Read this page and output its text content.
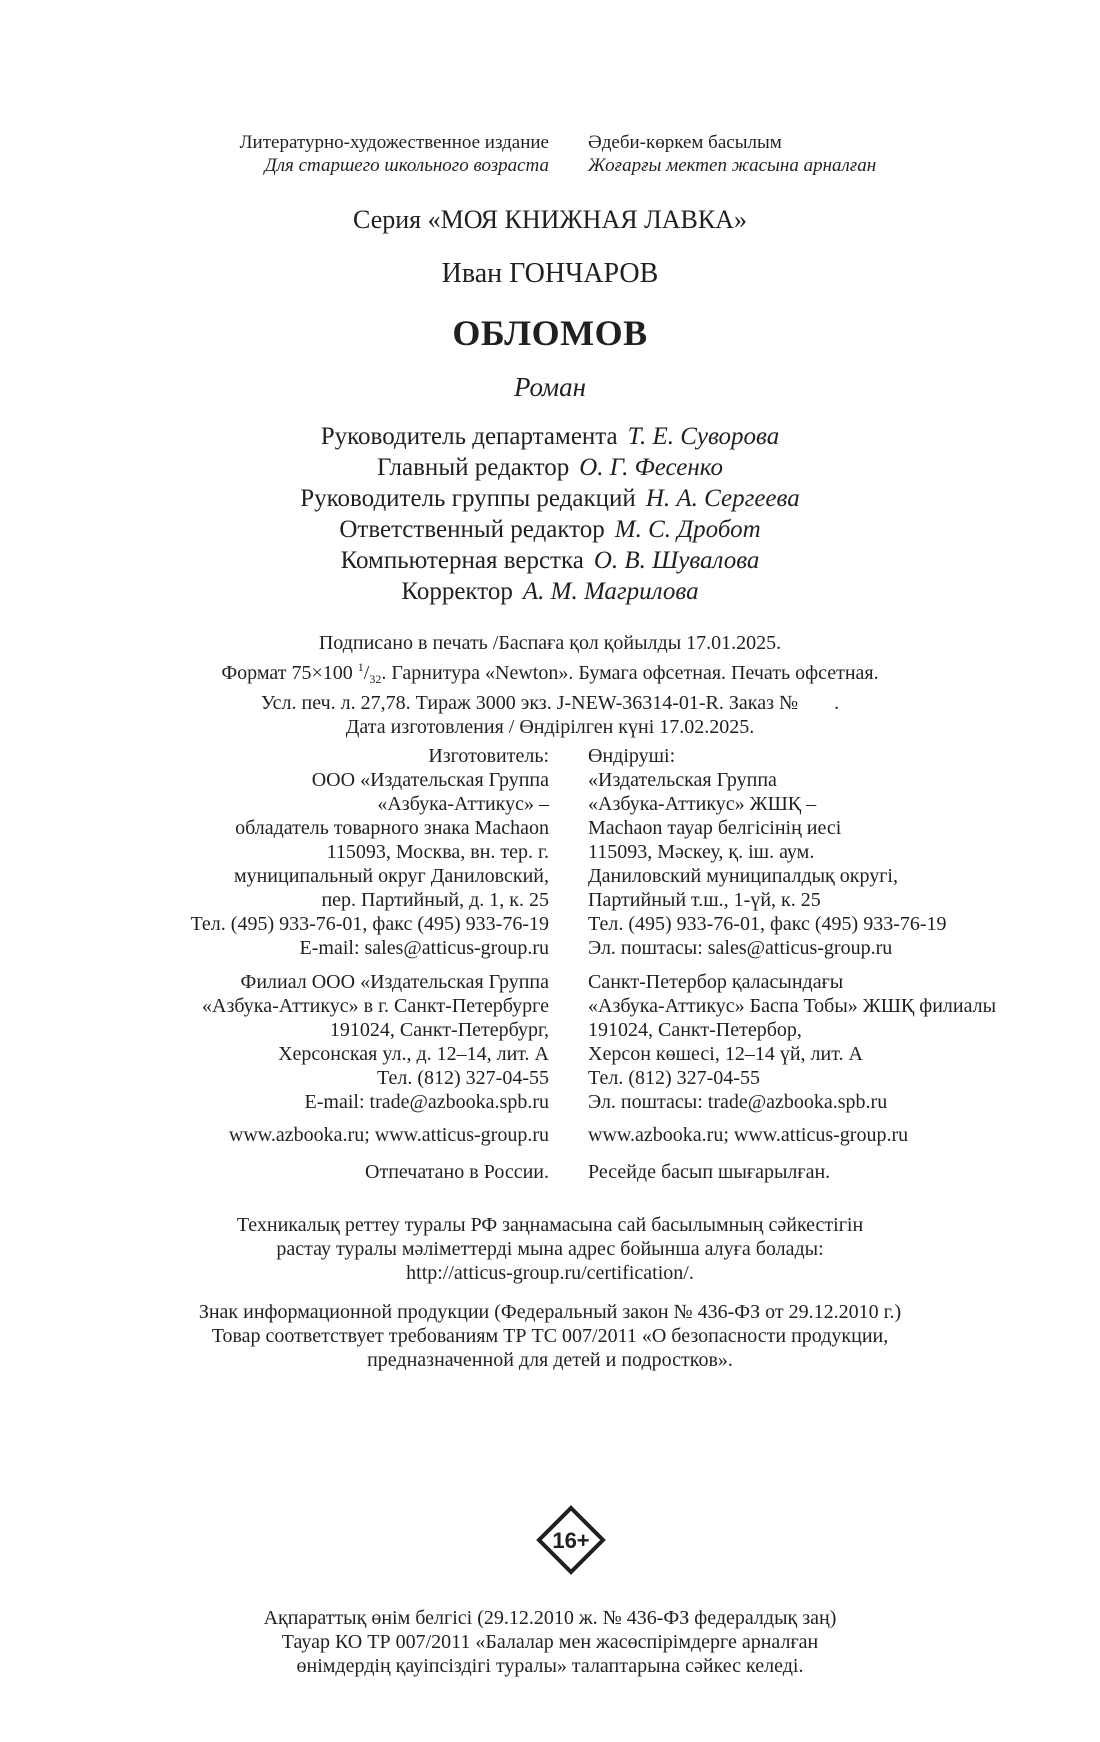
Литературно-художественное издание
Для старшего школьного возраста
Әдеби-көркем басылым
Жоғарғы мектеп жасына арналған
Серия «МОЯ КНИЖНАЯ ЛАВКА»
Иван ГОНЧАРОВ
ОБЛОМОВ
Роман
Руководитель департамента Т. Е. Суворова
Главный редактор О. Г. Фесенко
Руководитель группы редакций Н. А. Сергеева
Ответственный редактор М. С. Дробот
Компьютерная верстка О. В. Шувалова
Корректор А. М. Магрилова
Подписано в печать /Баспаға қол қойылды 17.01.2025.
Формат 75×100 $^1/_{32}$. Гарнитура «Newton». Бумага офсетная. Печать офсетная.
Усл. печ. л. 27,78. Тираж 3000 экз. J-NEW-36314-01-R. Заказ № .
Дата изготовления / Өндірілген күні 17.02.2025.
Изготовитель:
ООО «Издательская Группа
«Азбука-Аттикус» –
обладатель товарного знака Machaon
115093, Москва, вн. тер. г.
муниципальный округ Даниловский,
пер. Партийный, д. 1, к. 25
Тел. (495) 933-76-01, факс (495) 933-76-19
E-mail: sales@atticus-group.ru
Өндіруші:
«Издательская Группа
«Азбука-Аттикус» ЖШҚ –
Machaon тауар белгісінің иесі
115093, Мәскеу, қ. іш. аум.
Даниловский муниципалдық округі,
Партийный т.ш., 1-үй, к. 25
Тел. (495) 933-76-01, факс (495) 933-76-19
Эл. поштасы: sales@atticus-group.ru
Филиал ООО «Издательская Группа
«Азбука-Аттикус» в г. Санкт-Петербурге
191024, Санкт-Петербург,
Херсонская ул., д. 12–14, лит. А
Тел. (812) 327-04-55
E-mail: trade@azbooka.spb.ru
Санкт-Петербор қаласындағы
«Азбука-Аттикус» Баспа Тобы» ЖШҚ филиалы
191024, Санкт-Петербор,
Херсон көшесі, 12–14 үй, лит. А
Тел. (812) 327-04-55
Эл. поштасы: trade@azbooka.spb.ru
www.azbooka.ru; www.atticus-group.ru www.azbooka.ru; www.atticus-group.ru
Отпечатано в России. Ресейде басып шығарылған.
Техникалық реттеу туралы РФ заңнамасына сай басылымның сәйкестігін
растау туралы мәліметтерді мына адрес бойынша алуға болады:
http://atticus-group.ru/certification/.
Знак информационной продукции (Федеральный закон № 436-ФЗ от 29.12.2010 г.)
Товар соответствует требованиям ТР ТС 007/2011 «О безопасности продукции,
предназначенной для детей и подростков».
16+
Ақпараттық өнім белгісі (29.12.2010 ж. № 436-ФЗ федералдық заң)
Тауар КО ТР 007/2011 «Балалар мен жасөспірімдерге арналған
өнімдердің қауіпсіздігі туралы» талаптарына сәйкес келеді.
